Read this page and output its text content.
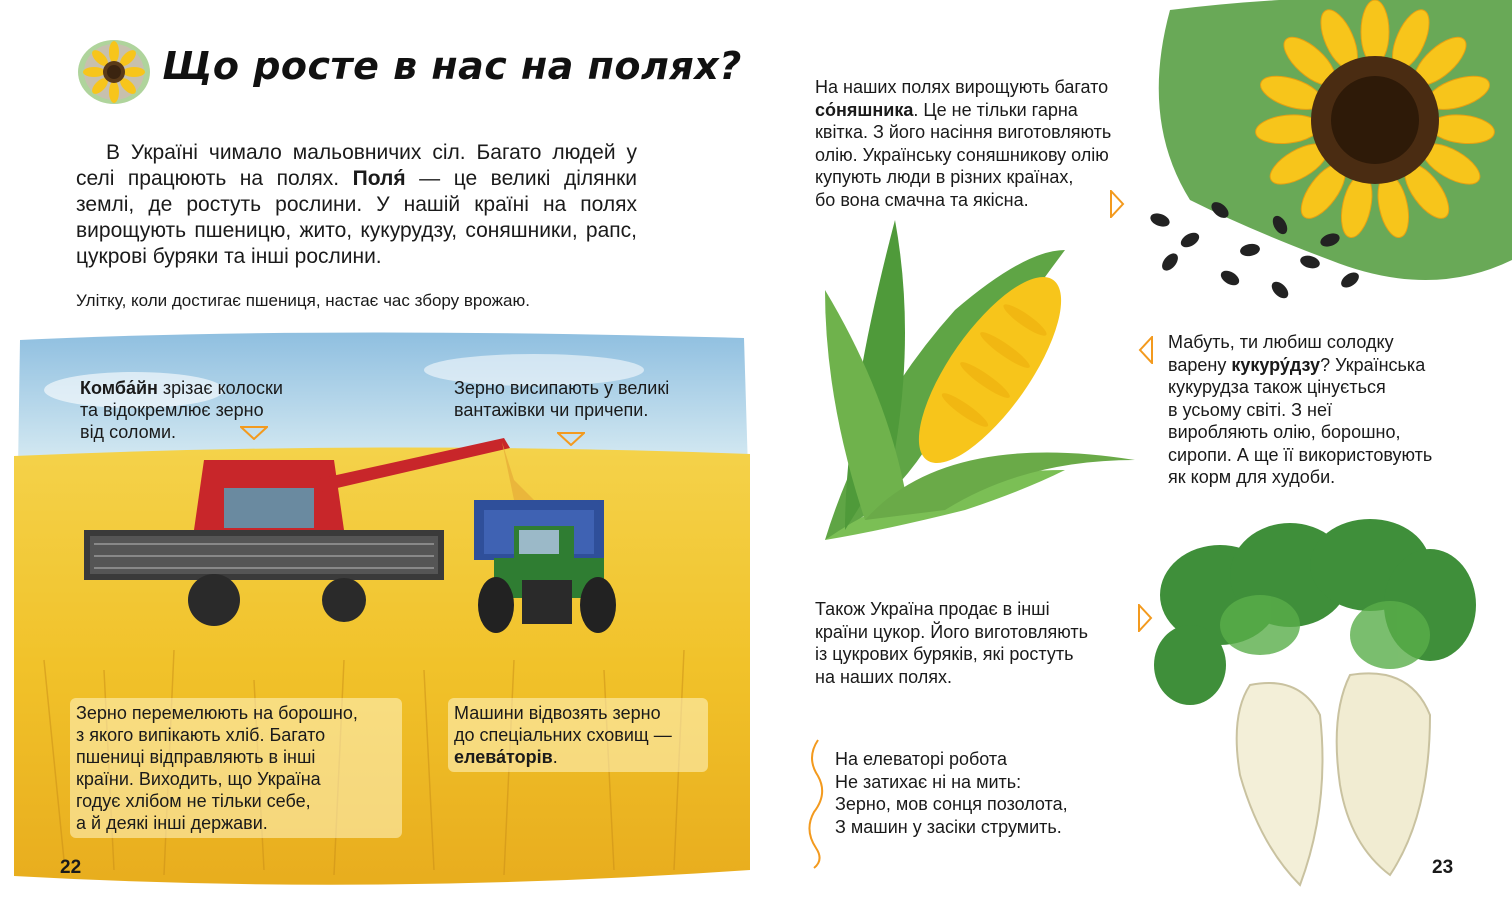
Що росте в нас на полях?
В Україні чимало мальовничих сіл. Багато людей у селі працюють на полях. Поля́ — це великі ділянки землі, де ростуть рослини. У нашій країні на полях вирощують пшеницю, жито, кукурудзу, соняшники, рапс, цукрові буряки та інші рослини.
Улітку, коли достигає пшениця, настає час збору врожаю.
Комба́йн зрізає колоски
та відокремлює зерно
від соломи.
Зерно висипають у великі
вантажівки чи причепи.
Зерно перемелюють на борошно,
з якого випікають хліб. Багато
пшениці відправляють в інші
країни. Виходить, що Україна
годує хлібом не тільки себе,
а й деякі інші держави.
Машини відвозять зерно
до спеціальних сховищ —
елева́торів.
22
На наших полях вирощують багато
со́няшника. Це не тільки гарна
квітка. З його насіння виготовляють
олію. Українську соняшникову олію
купують люди в різних країнах,
бо вона смачна та якісна.
Мабуть, ти любиш солодку
варену кукуру́дзу? Українська
кукурудза також цінується
в усьому світі. З неї
виробляють олію, борошно,
сиропи. А ще її використовують
як корм для худоби.
Також Україна продає в інші
країни цукор. Його виготовляють
із цукрових буряків, які ростуть
на наших полях.
На елеваторі робота
Не затихає ні на мить:
Зерно, мов сонця позолота,
З машин у засіки струмить.
23
